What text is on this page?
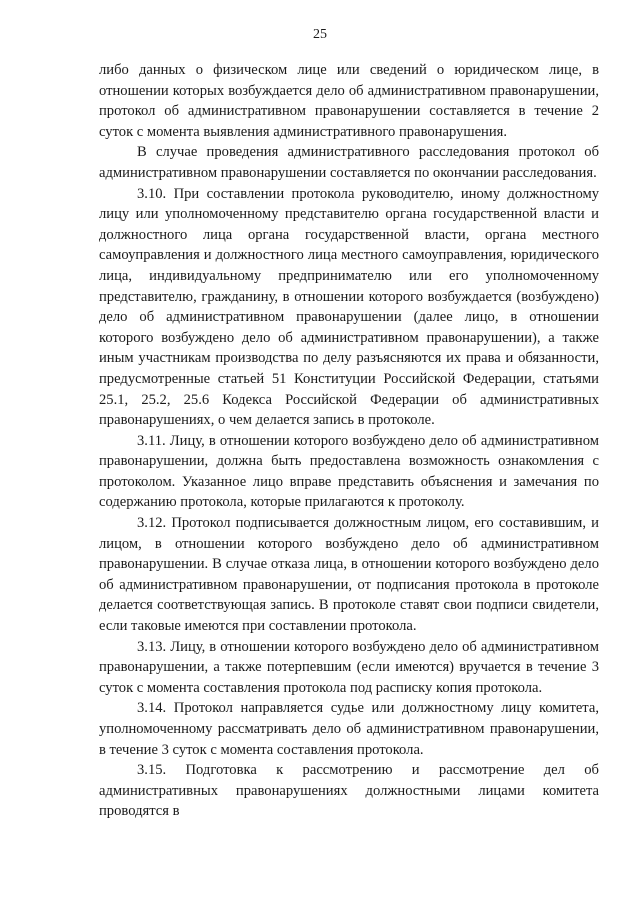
25

либо данных о физическом лице или сведений о юридическом лице, в отношении которых возбуждается дело об административном правонарушении, протокол об административном правонарушении составляется в течение 2 суток с момента выявления административного правонарушения.

В случае проведения административного расследования протокол об административном правонарушении составляется по окончании расследования.

3.10. При составлении протокола руководителю, иному должностному лицу или уполномоченному представителю органа государственной власти и должностного лица органа государственной власти, органа местного самоуправления и должностного лица местного самоуправления, юридического лица, индивидуальному предпринимателю или его уполномоченному представителю, гражданину, в отношении которого возбуждается (возбуждено) дело об административном правонарушении (далее лицо, в отношении которого возбуждено дело об административном правонарушении), а также иным участникам производства по делу разъясняются их права и обязанности, предусмотренные статьей 51 Конституции Российской Федерации, статьями 25.1, 25.2, 25.6 Кодекса Российской Федерации об административных правонарушениях, о чем делается запись в протоколе.

3.11. Лицу, в отношении которого возбуждено дело об административном правонарушении, должна быть предоставлена возможность ознакомления с протоколом. Указанное лицо вправе представить объяснения и замечания по содержанию протокола, которые прилагаются к протоколу.

3.12. Протокол подписывается должностным лицом, его составившим, и лицом, в отношении которого возбуждено дело об административном правонарушении. В случае отказа лица, в отношении которого возбуждено дело об административном правонарушении, от подписания протокола в протоколе делается соответствующая запись. В протоколе ставят свои подписи свидетели, если таковые имеются при составлении протокола.

3.13. Лицу, в отношении которого возбуждено дело об административном правонарушении, а также потерпевшим (если имеются) вручается в течение 3 суток с момента составления протокола под расписку копия протокола.

3.14. Протокол направляется судье или должностному лицу комитета, уполномоченному рассматривать дело об административном правонарушении, в течение 3 суток с момента составления протокола.

3.15. Подготовка к рассмотрению и рассмотрение дел об административных правонарушениях должностными лицами комитета проводятся в
